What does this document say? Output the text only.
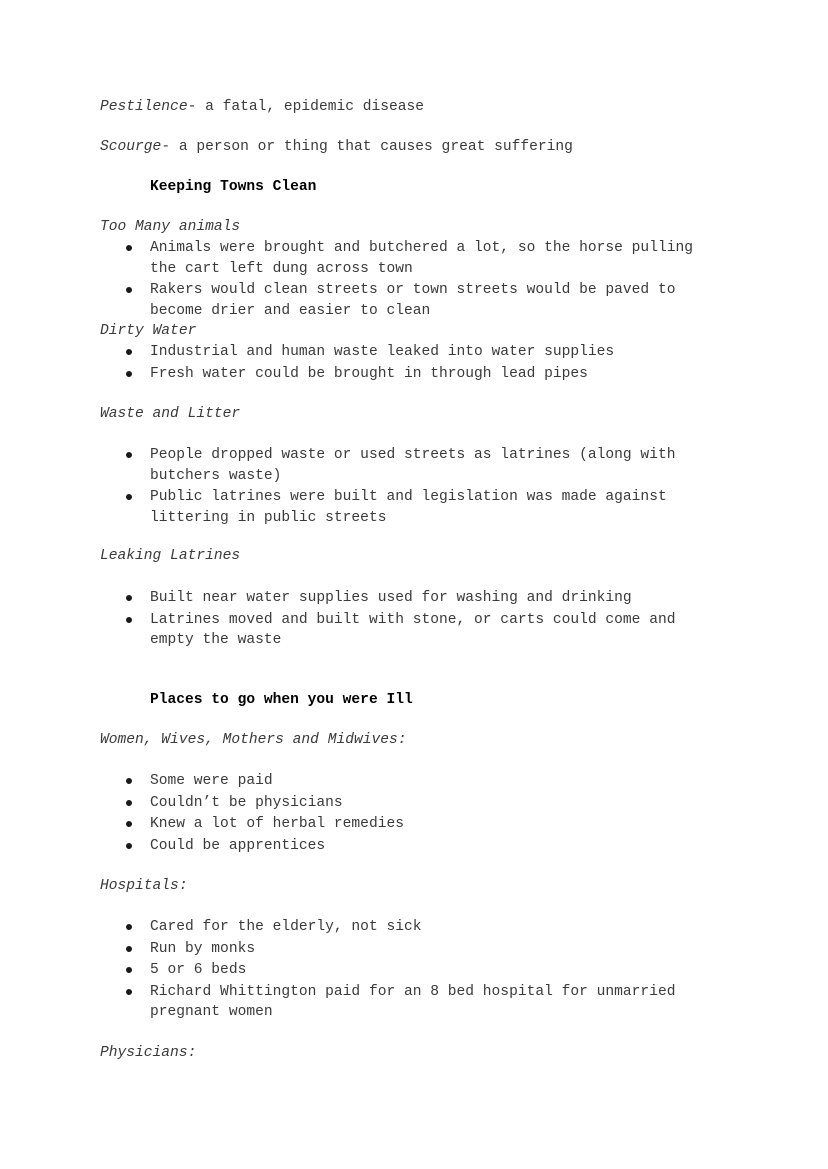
Pestilence- a fatal, epidemic disease
Scourge- a person or thing that causes great suffering
Keeping Towns Clean
Too Many animals
Animals were brought and butchered a lot, so the horse pulling the cart left dung across town
Rakers would clean streets or town streets would be paved to become drier and easier to clean
Dirty Water
Industrial and human waste leaked into water supplies
Fresh water could be brought in through lead pipes
Waste and Litter
People dropped waste or used streets as latrines (along with butchers waste)
Public latrines were built and legislation was made against littering in public streets
Leaking Latrines
Built near water supplies used for washing and drinking
Latrines moved and built with stone, or carts could come and empty the waste
Places to go when you were Ill
Women, Wives, Mothers and Midwives:
Some were paid
Couldn’t be physicians
Knew a lot of herbal remedies
Could be apprentices
Hospitals:
Cared for the elderly, not sick
Run by monks
5 or 6 beds
Richard Whittington paid for an 8 bed hospital for unmarried pregnant women
Physicians:
